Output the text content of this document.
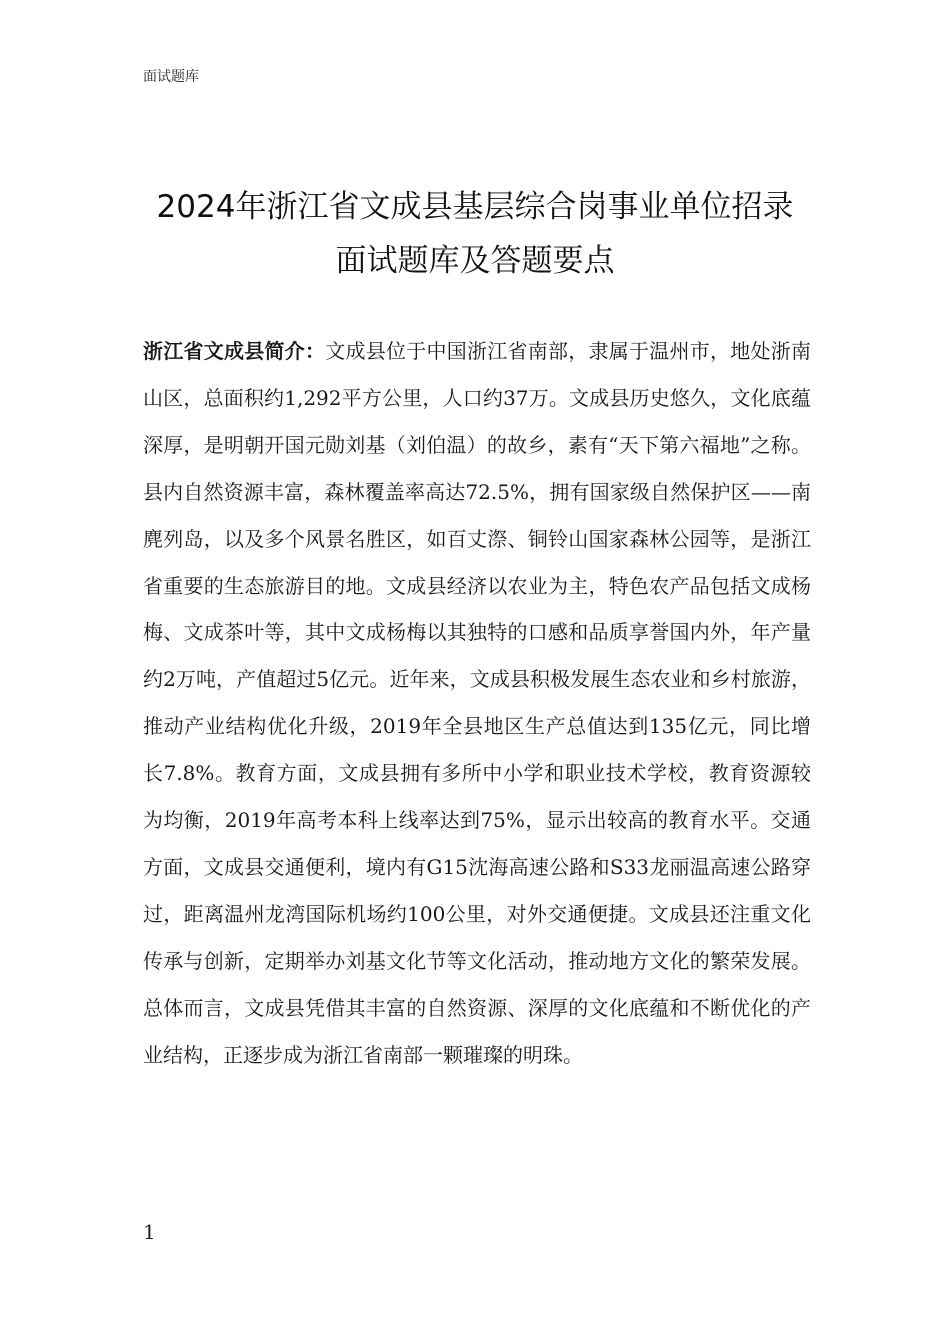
面试题库
2024年浙江省文成县基层综合岗事业单位招录
面试题库及答题要点
浙江省文成县简介：文成县位于中国浙江省南部，隶属于温州市，地处浙南山区，总面积约1,292平方公里，人口约37万。文成县历史悠久，文化底蕴深厚，是明朝开国元勋刘基（刘伯温）的故乡，素有“天下第六福地”之称。县内自然资源丰富，森林覆盖率高达72.5%，拥有国家级自然保护区——南麂列岛，以及多个风景名胜区，如百丈漈、铜铃山国家森林公园等，是浙江省重要的生态旅游目的地。文成县经济以农业为主，特色农产品包括文成杨梅、文成茶叶等，其中文成杨梅以其独特的口感和品质享誉国内外，年产量约2万吨，产值超过5亿元。近年来，文成县积极发展生态农业和乡村旅游，推动产业结构优化升级，2019年全县地区生产总值达到135亿元，同比增长7.8%。教育方面，文成县拥有多所中小学和职业技术学校，教育资源较为均衡，2019年高考本科上线率达到75%，显示出较高的教育水平。交通方面，文成县交通便利，境内有G15沈海高速公路和S33龙丽温高速公路穿过，距离温州龙湾国际机场约100公里，对外交通便捷。文成县还注重文化传承与创新，定期举办刘基文化节等文化活动，推动地方文化的繁荣发展。总体而言，文成县凭借其丰富的自然资源、深厚的文化底蕴和不断优化的产业结构，正逐步成为浙江省南部一颗璀璨的明珠。
1
